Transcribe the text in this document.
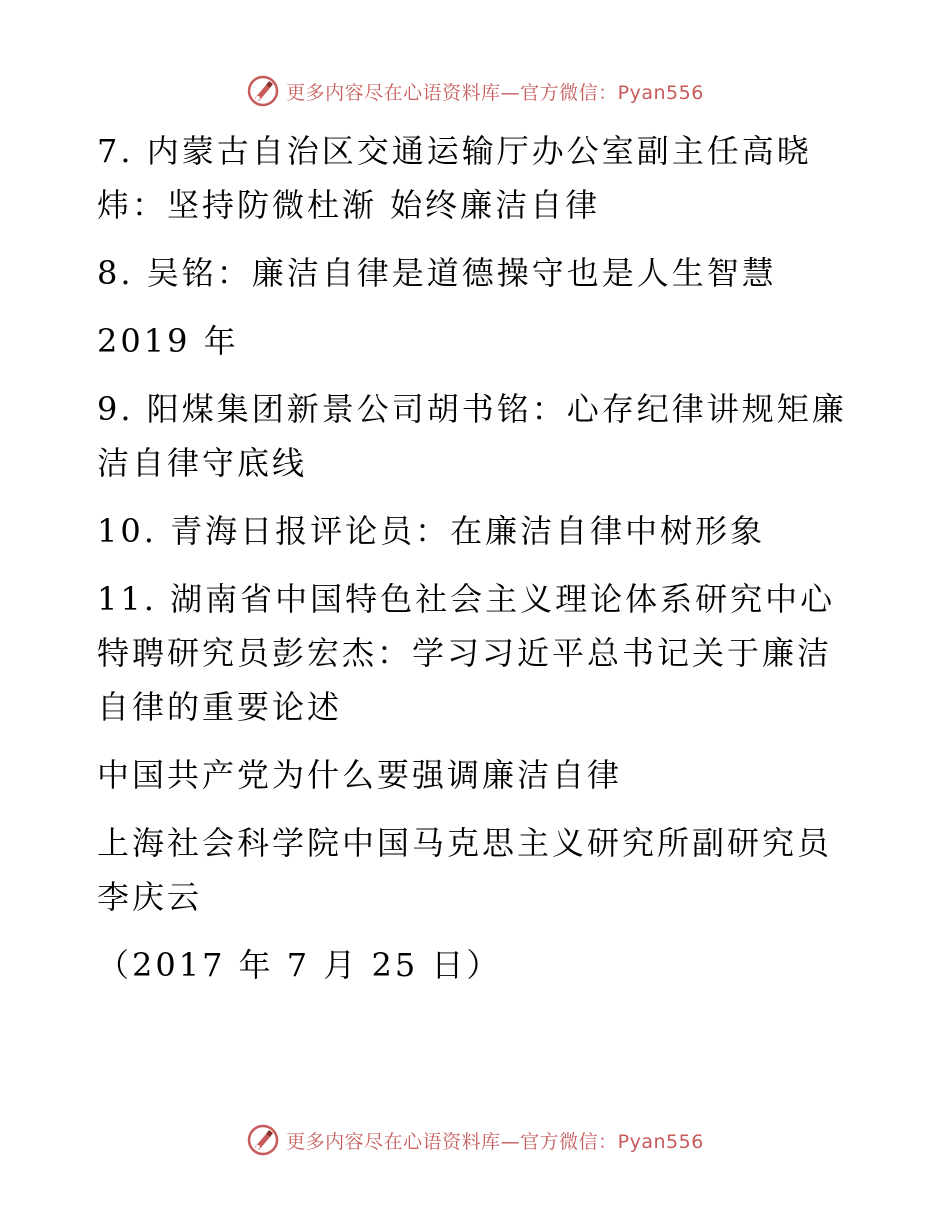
更多内容尽在心语资料库—官方微信：Pyan556

7. 内蒙古自治区交通运输厅办公室副主任高晓炜：坚持防微杜渐 始终廉洁自律

8. 吴铭：廉洁自律是道德操守也是人生智慧

2019 年

9. 阳煤集团新景公司胡书铭：心存纪律讲规矩廉洁自律守底线

10. 青海日报评论员：在廉洁自律中树形象

11. 湖南省中国特色社会主义理论体系研究中心特聘研究员彭宏杰：学习习近平总书记关于廉洁自律的重要论述

中国共产党为什么要强调廉洁自律

上海社会科学院中国马克思主义研究所副研究员李庆云

（2017 年 7 月 25 日）

更多内容尽在心语资料库—官方微信：Pyan556
